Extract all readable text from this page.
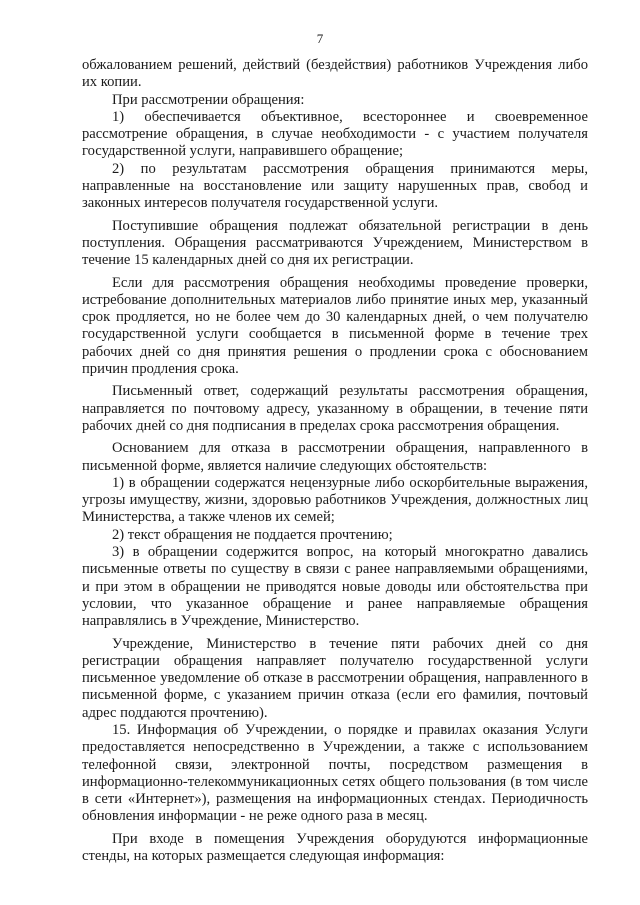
7

обжалованием решений, действий (бездействия) работников Учреждения либо их копии.

При рассмотрении обращения:

1) обеспечивается объективное, всестороннее и своевременное рассмотрение обращения, в случае необходимости - с участием получателя государственной услуги, направившего обращение;

2) по результатам рассмотрения обращения принимаются меры, направленные на восстановление или защиту нарушенных прав, свобод и законных интересов получателя государственной услуги.

Поступившие обращения подлежат обязательной регистрации в день поступления. Обращения рассматриваются Учреждением, Министерством в течение 15 календарных дней со дня их регистрации.

Если для рассмотрения обращения необходимы проведение проверки, истребование дополнительных материалов либо принятие иных мер, указанный срок продляется, но не более чем до 30 календарных дней, о чем получателю государственной услуги сообщается в письменной форме в течение трех рабочих дней со дня принятия решения о продлении срока с обоснованием причин продления срока.

Письменный ответ, содержащий результаты рассмотрения обращения, направляется по почтовому адресу, указанному в обращении, в течение пяти рабочих дней со дня подписания в пределах срока рассмотрения обращения.

Основанием для отказа в рассмотрении обращения, направленного в письменной форме, является наличие следующих обстоятельств:

1) в обращении содержатся нецензурные либо оскорбительные выражения, угрозы имуществу, жизни, здоровью работников Учреждения, должностных лиц Министерства, а также членов их семей;

2) текст обращения не поддается прочтению;

3) в обращении содержится вопрос, на который многократно давались письменные ответы по существу в связи с ранее направляемыми обращениями, и при этом в обращении не приводятся новые доводы или обстоятельства при условии, что указанное обращение и ранее направляемые обращения направлялись в Учреждение, Министерство.

Учреждение, Министерство в течение пяти рабочих дней со дня регистрации обращения направляет получателю государственной услуги письменное уведомление об отказе в рассмотрении обращения, направленного в письменной форме, с указанием причин отказа (если его фамилия, почтовый адрес поддаются прочтению).

15. Информация об Учреждении, о порядке и правилах оказания Услуги предоставляется непосредственно в Учреждении, а также с использованием телефонной связи, электронной почты, посредством размещения в информационно-телекоммуникационных сетях общего пользования (в том числе в сети «Интернет»), размещения на информационных стендах. Периодичность обновления информации - не реже одного раза в месяц.

При входе в помещения Учреждения оборудуются информационные стенды, на которых размещается следующая информация:
